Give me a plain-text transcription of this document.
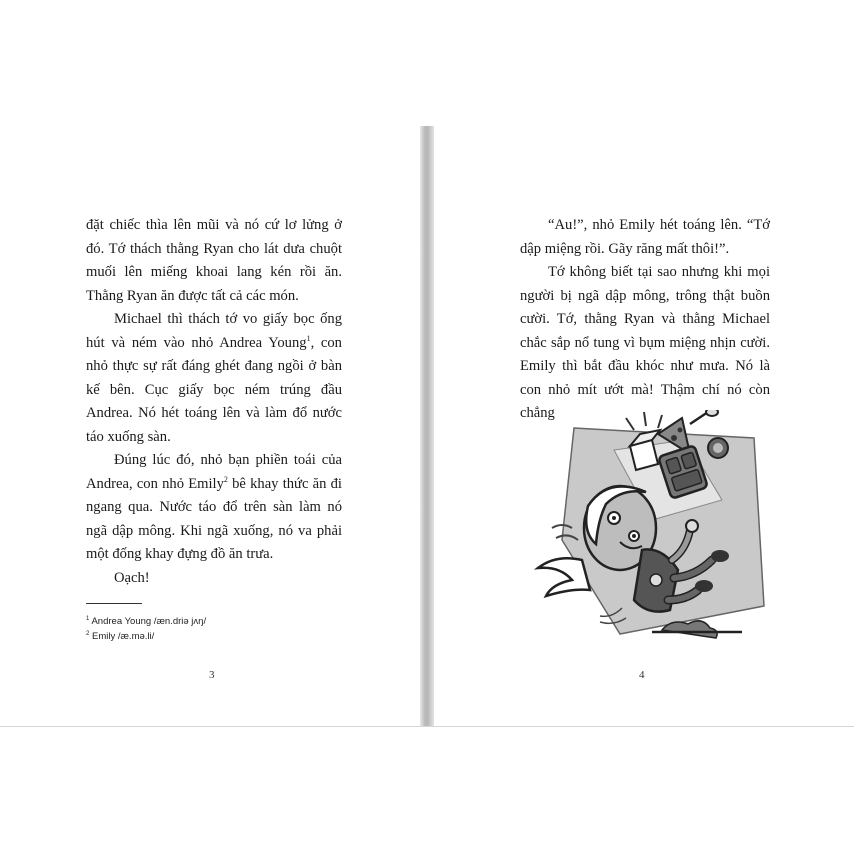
đặt chiếc thìa lên mũi và nó cứ lơ lửng ở đó. Tớ thách thằng Ryan cho lát dưa chuột muối lên miếng khoai lang kén rồi ăn. Thằng Ryan ăn được tất cả các món.

Michael thì thách tớ vo giấy bọc ống hút và ném vào nhỏ Andrea Young$^1$, con nhỏ thực sự rất đáng ghét đang ngồi ở bàn kế bên. Cục giấy bọc ném trúng đầu Andrea. Nó hét toáng lên và làm đổ nước táo xuống sàn.

Đúng lúc đó, nhỏ bạn phiền toái của Andrea, con nhỏ Emily$^2$ bê khay thức ăn đi ngang qua. Nước táo đổ trên sàn làm nó ngã dập mông. Khi ngã xuống, nó va phải một đống khay đựng đồ ăn trưa.

Oạch!

$^1$ Andrea Young /æn.driə jʌŋ/
$^2$ Emily /æ.mə.li/
3

“Au!”, nhỏ Emily hét toáng lên. “Tớ dập miệng rồi. Gãy răng mất thôi!”.

Tớ không biết tại sao nhưng khi mọi người bị ngã dập mông, trông thật buồn cười. Tớ, thằng Ryan và thằng Michael chắc sắp nổ tung vì bụm miệng nhịn cười. Emily thì bắt đầu khóc như mưa. Nó là con nhỏ mít ướt mà! Thậm chí nó còn chẳng

4
